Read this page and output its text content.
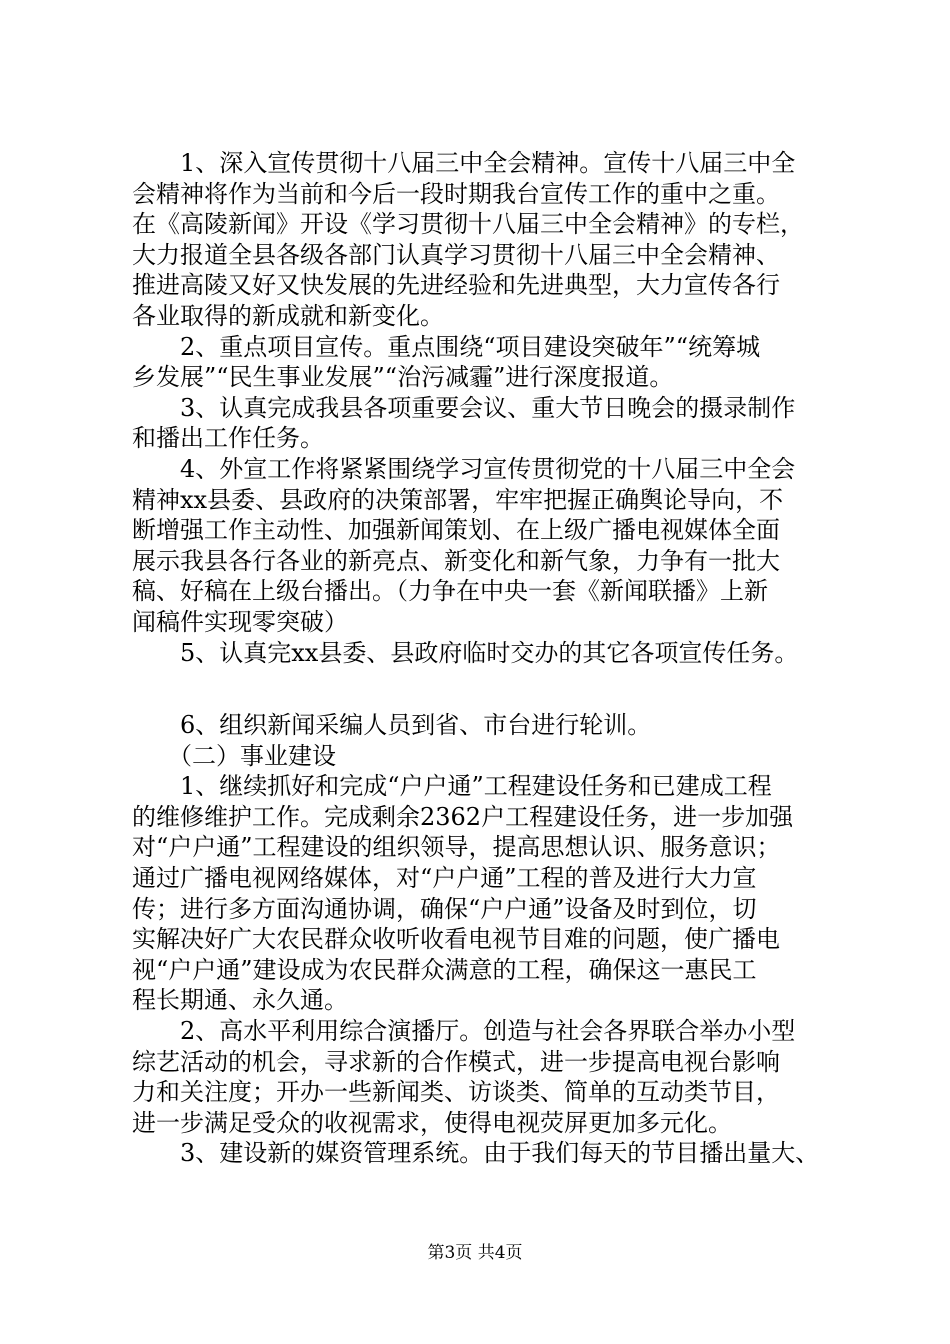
1、深入宣传贯彻十八届三中全会精神。宣传十八届三中全
会精神将作为当前和今后一段时期我台宣传工作的重中之重。
在《高陵新闻》开设《学习贯彻十八届三中全会精神》的专栏，
大力报道全县各级各部门认真学习贯彻十八届三中全会精神、
推进高陵又好又快发展的先进经验和先进典型，大力宣传各行
各业取得的新成就和新变化。
2、重点项目宣传。重点围绕“项目建设突破年”“统筹城
乡发展”“民生事业发展”“治污减霾”进行深度报道。
3、认真完成我县各项重要会议、重大节日晚会的摄录制作
和播出工作任务。
4、外宣工作将紧紧围绕学习宣传贯彻党的十八届三中全会
精神xx县委、县政府的决策部署，牢牢把握正确舆论导向，不
断增强工作主动性、加强新闻策划、在上级广播电视媒体全面
展示我县各行各业的新亮点、新变化和新气象，力争有一批大
稿、好稿在上级台播出。（力争在中央一套《新闻联播》上新
闻稿件实现零突破）
5、认真完xx县委、县政府临时交办的其它各项宣传任务。
6、组织新闻采编人员到省、市台进行轮训。
（二）事业建设
1、继续抓好和完成“户户通”工程建设任务和已建成工程
的维修维护工作。完成剩余2362户工程建设任务，进一步加强
对“户户通”工程建设的组织领导，提高思想认识、服务意识；
通过广播电视网络媒体，对“户户通”工程的普及进行大力宣
传；进行多方面沟通协调，确保“户户通”设备及时到位，切
实解决好广大农民群众收听收看电视节目难的问题，使广播电
视“户户通”建设成为农民群众满意的工程，确保这一惠民工
程长期通、永久通。
2、高水平利用综合演播厅。创造与社会各界联合举办小型
综艺活动的机会，寻求新的合作模式，进一步提高电视台影响
力和关注度；开办一些新闻类、访谈类、简单的互动类节目，
进一步满足受众的收视需求，使得电视荧屏更加多元化。
3、建设新的媒资管理系统。由于我们每天的节目播出量大、
第3页 共4页
